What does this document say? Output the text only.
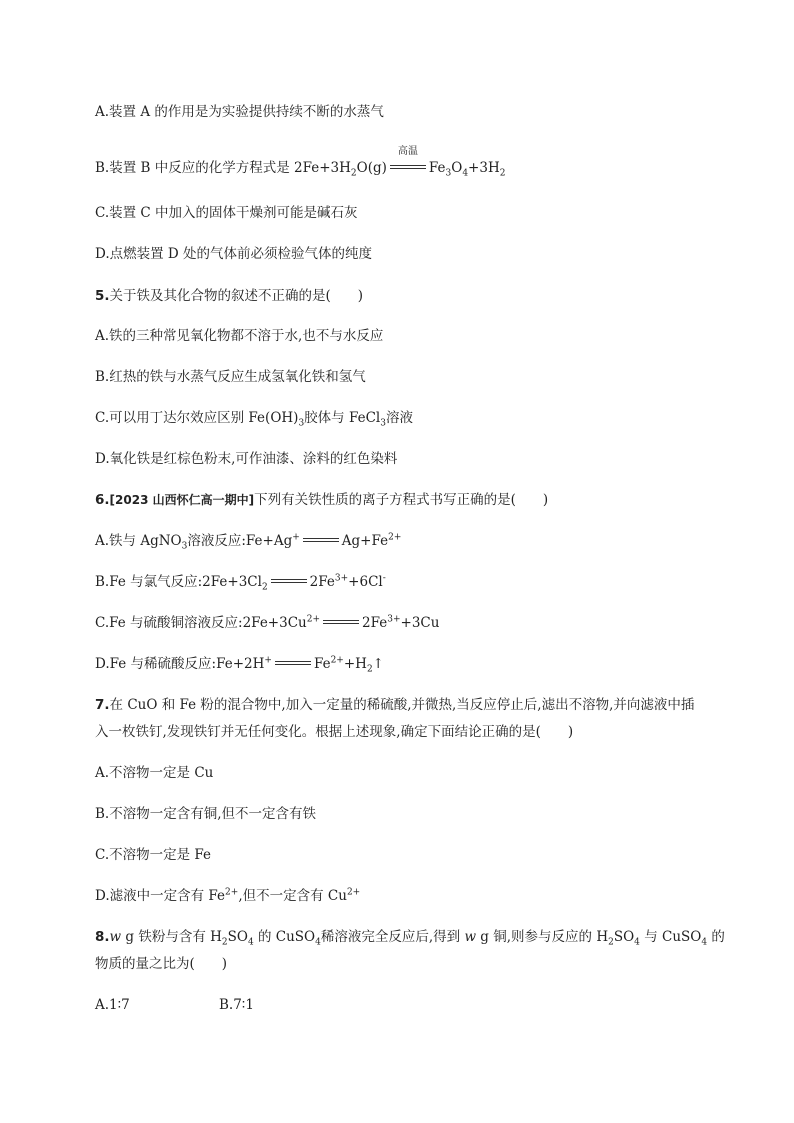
A.装置 A 的作用是为实验提供持续不断的水蒸气
B.装置 B 中反应的化学方程式是 $2Fe+3H_2O(g)$
高温
$Fe_3O_4+3H_2$
C.装置 C 中加入的固体干燥剂可能是碱石灰
D.点燃装置 D 处的气体前必须检验气体的纯度
5.关于铁及其化合物的叙述不正确的是(　　)
A.铁的三种常见氧化物都不溶于水,也不与水反应
B.红热的铁与水蒸气反应生成氢氧化铁和氢气
C.可以用丁达尔效应区别 $Fe(OH)_3$胶体与 FeCl$_3$溶液
D.氧化铁是红棕色粉末,可作油漆、涂料的红色染料
6.[2023 山西怀仁高一期中]下列有关铁性质的离子方程式书写正确的是(　　)
A.铁与 AgNO$_3$溶液反应:Fe+Ag+	$Ag+Fe^{2+}$
B.Fe 与氯气反应$:2Fe+3Cl_2$	$2Fe^{3+}+6Cl^-$
C.Fe 与硫酸铜溶液反应$:2Fe+3Cu^{2+}$	$2Fe^{3+}+3Cu$
D.Fe 与稀硫酸反应:Fe+2H+	$Fe^{2+}+H_2↑$
7.在 CuO 和 Fe 粉的混合物中,加入一定量的稀硫酸,并微热,当反应停止后,滤出不溶物,并向滤液中插
入一枚铁钉,发现铁钉并无任何变化。根据上述现象,确定下面结论正确的是(　　)
A.不溶物一定是 Cu
B.不溶物一定含有铜,但不一定含有铁
C.不溶物一定是 Fe
D.滤液中一定含有 $Fe^{2+}$,但不一定含有 $Cu^{2+}$
8.w g 铁粉与含有 $H_2SO_4$ 的 CuSO$_4$稀溶液完全反应后,得到 w g 铜,则参与反应的 $H_2SO_4$ 与 CuSO$_4$ 的
物质的量之比为(　　)
A.1∶7	B.7∶1
